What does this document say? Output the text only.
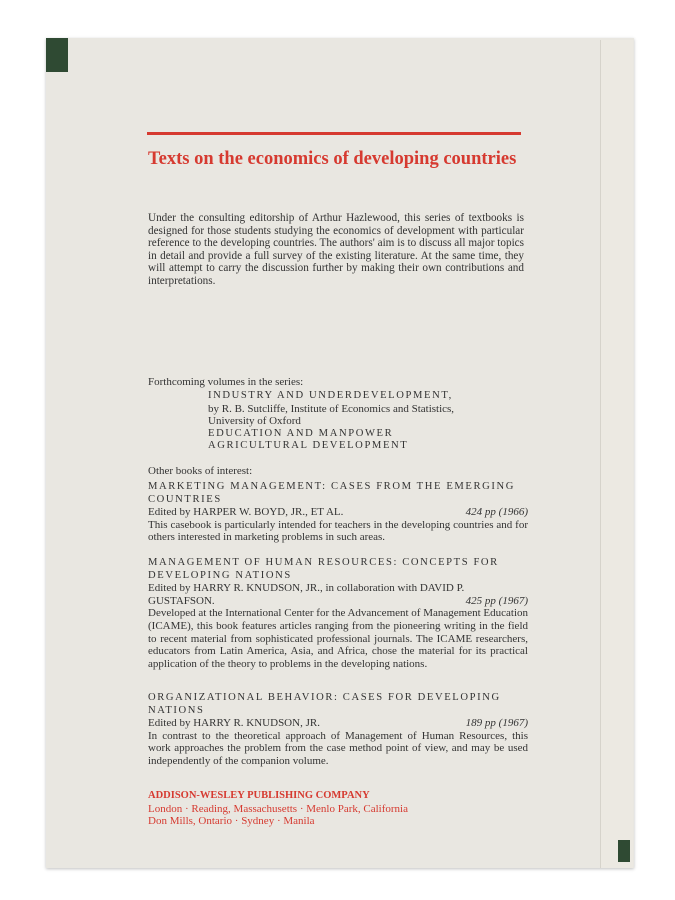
Texts on the economics of developing countries
Under the consulting editorship of Arthur Hazlewood, this series of textbooks is designed for those students studying the economics of development with particular reference to the developing countries. The authors' aim is to discuss all major topics in detail and provide a full survey of the existing literature. At the same time, they will attempt to carry the discussion further by making their own contributions and interpretations.
Forthcoming volumes in the series:
INDUSTRY AND UNDERDEVELOPMENT,
by R. B. Sutcliffe, Institute of Economics and Statistics,
University of Oxford
EDUCATION AND MANPOWER
AGRICULTURAL DEVELOPMENT
Other books of interest:
MARKETING MANAGEMENT: CASES FROM THE EMERGING COUNTRIES
Edited by HARPER W. BOYD, JR., ET AL.	424 pp (1966)
This casebook is particularly intended for teachers in the developing countries and for others interested in marketing problems in such areas.
MANAGEMENT OF HUMAN RESOURCES: CONCEPTS FOR DEVELOPING NATIONS
Edited by HARRY R. KNUDSON, JR., in collaboration with DAVID P. GUSTAFSON.	425 pp (1967)
Developed at the International Center for the Advancement of Management Education (ICAME), this book features articles ranging from the pioneering writing in the field to recent material from sophisticated professional journals. The ICAME researchers, educators from Latin America, Asia, and Africa, chose the material for its practical application of the theory to problems in the developing nations.
ORGANIZATIONAL BEHAVIOR: CASES FOR DEVELOPING NATIONS
Edited by HARRY R. KNUDSON, JR.	189 pp (1967)
In contrast to the theoretical approach of Management of Human Resources, this work approaches the problem from the case method point of view, and may be used independently of the companion volume.
ADDISON-WESLEY PUBLISHING COMPANY
London · Reading, Massachusetts · Menlo Park, California
Don Mills, Ontario · Sydney · Manila
